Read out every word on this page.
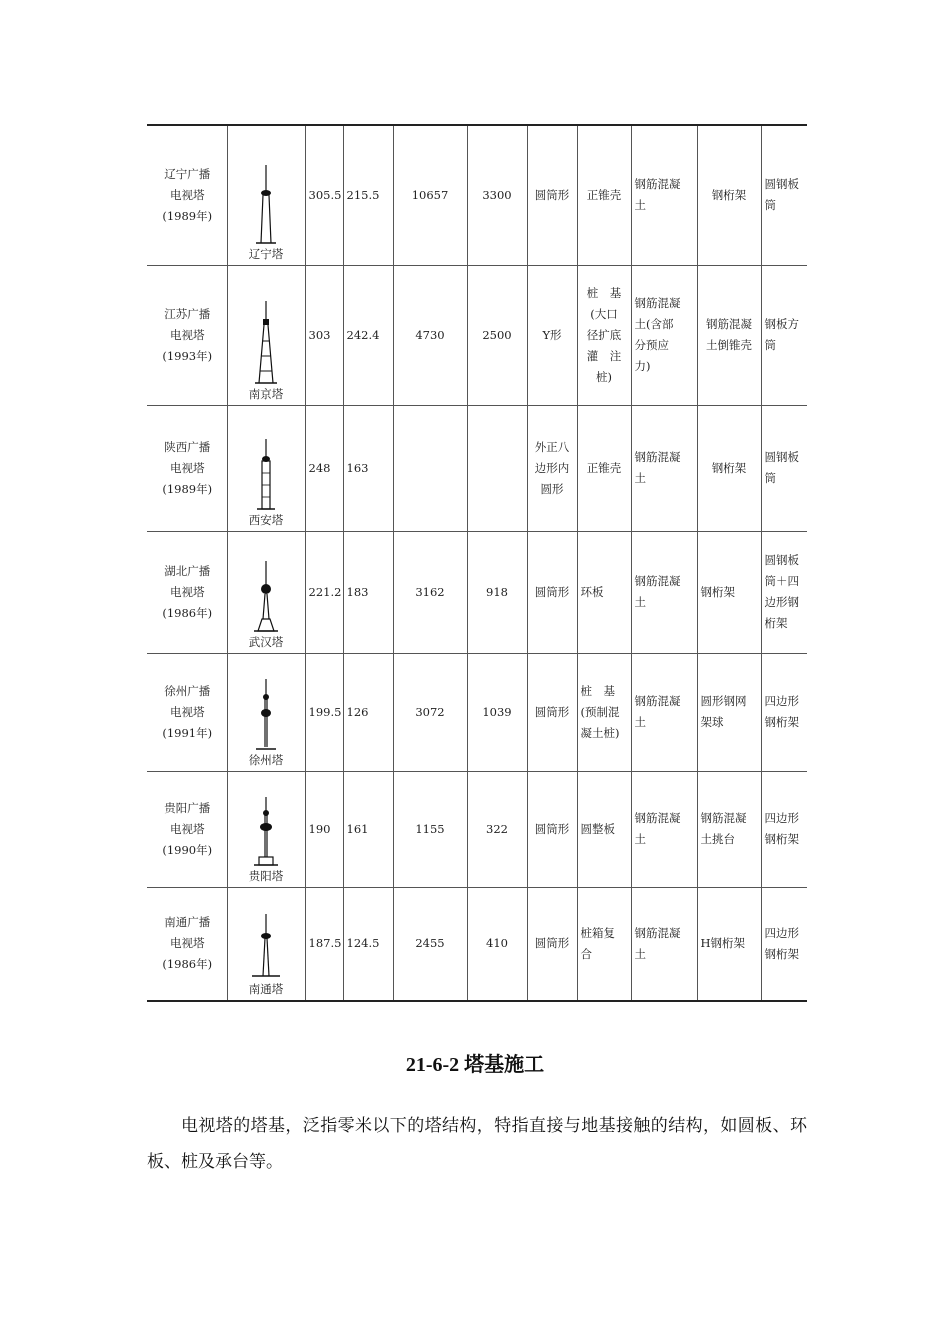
辽宁广播
电视塔
(1989年)	辽宁塔	305.5	215.5	10657	3300	圆筒形	正锥壳	钢筋混凝
土	钢桁架	圆钢板
筒
江苏广播
电视塔
(1993年)	南京塔	303	242.4	4730	2500	Y形	桩　基
(大口
径扩底
灌　注
桩)	钢筋混凝
土(含部
分预应
力)	钢筋混凝
土倒锥壳	钢板方
筒
陕西广播
电视塔
(1989年)	西安塔	248	163			外正八
边形内
圆形	正锥壳	钢筋混凝
土	钢桁架	圆钢板
筒
湖北广播
电视塔
(1986年)	武汉塔	221.2	183	3162	918	圆筒形	环板	钢筋混凝
土	钢桁架	圆钢板
筒＋四
边形钢
桁架
徐州广播
电视塔
(1991年)	徐州塔	199.5	126	3072	1039	圆筒形	桩　基
(预制混
凝土桩)	钢筋混凝
土	圆形钢网
架球	四边形
钢桁架
贵阳广播
电视塔
(1990年)	贵阳塔	190	161	1155	322	圆筒形	圆整板	钢筋混凝
土	钢筋混凝
土挑台	四边形
钢桁架
南通广播
电视塔
(1986年)	南通塔	187.5	124.5	2455	410	圆筒形	桩箱复
合	钢筋混凝
土	H钢桁架	四边形
钢桁架
21-6-2 塔基施工

电视塔的塔基，泛指零米以下的塔结构，特指直接与地基接触的结构，如圆板、环板、桩及承台等。
